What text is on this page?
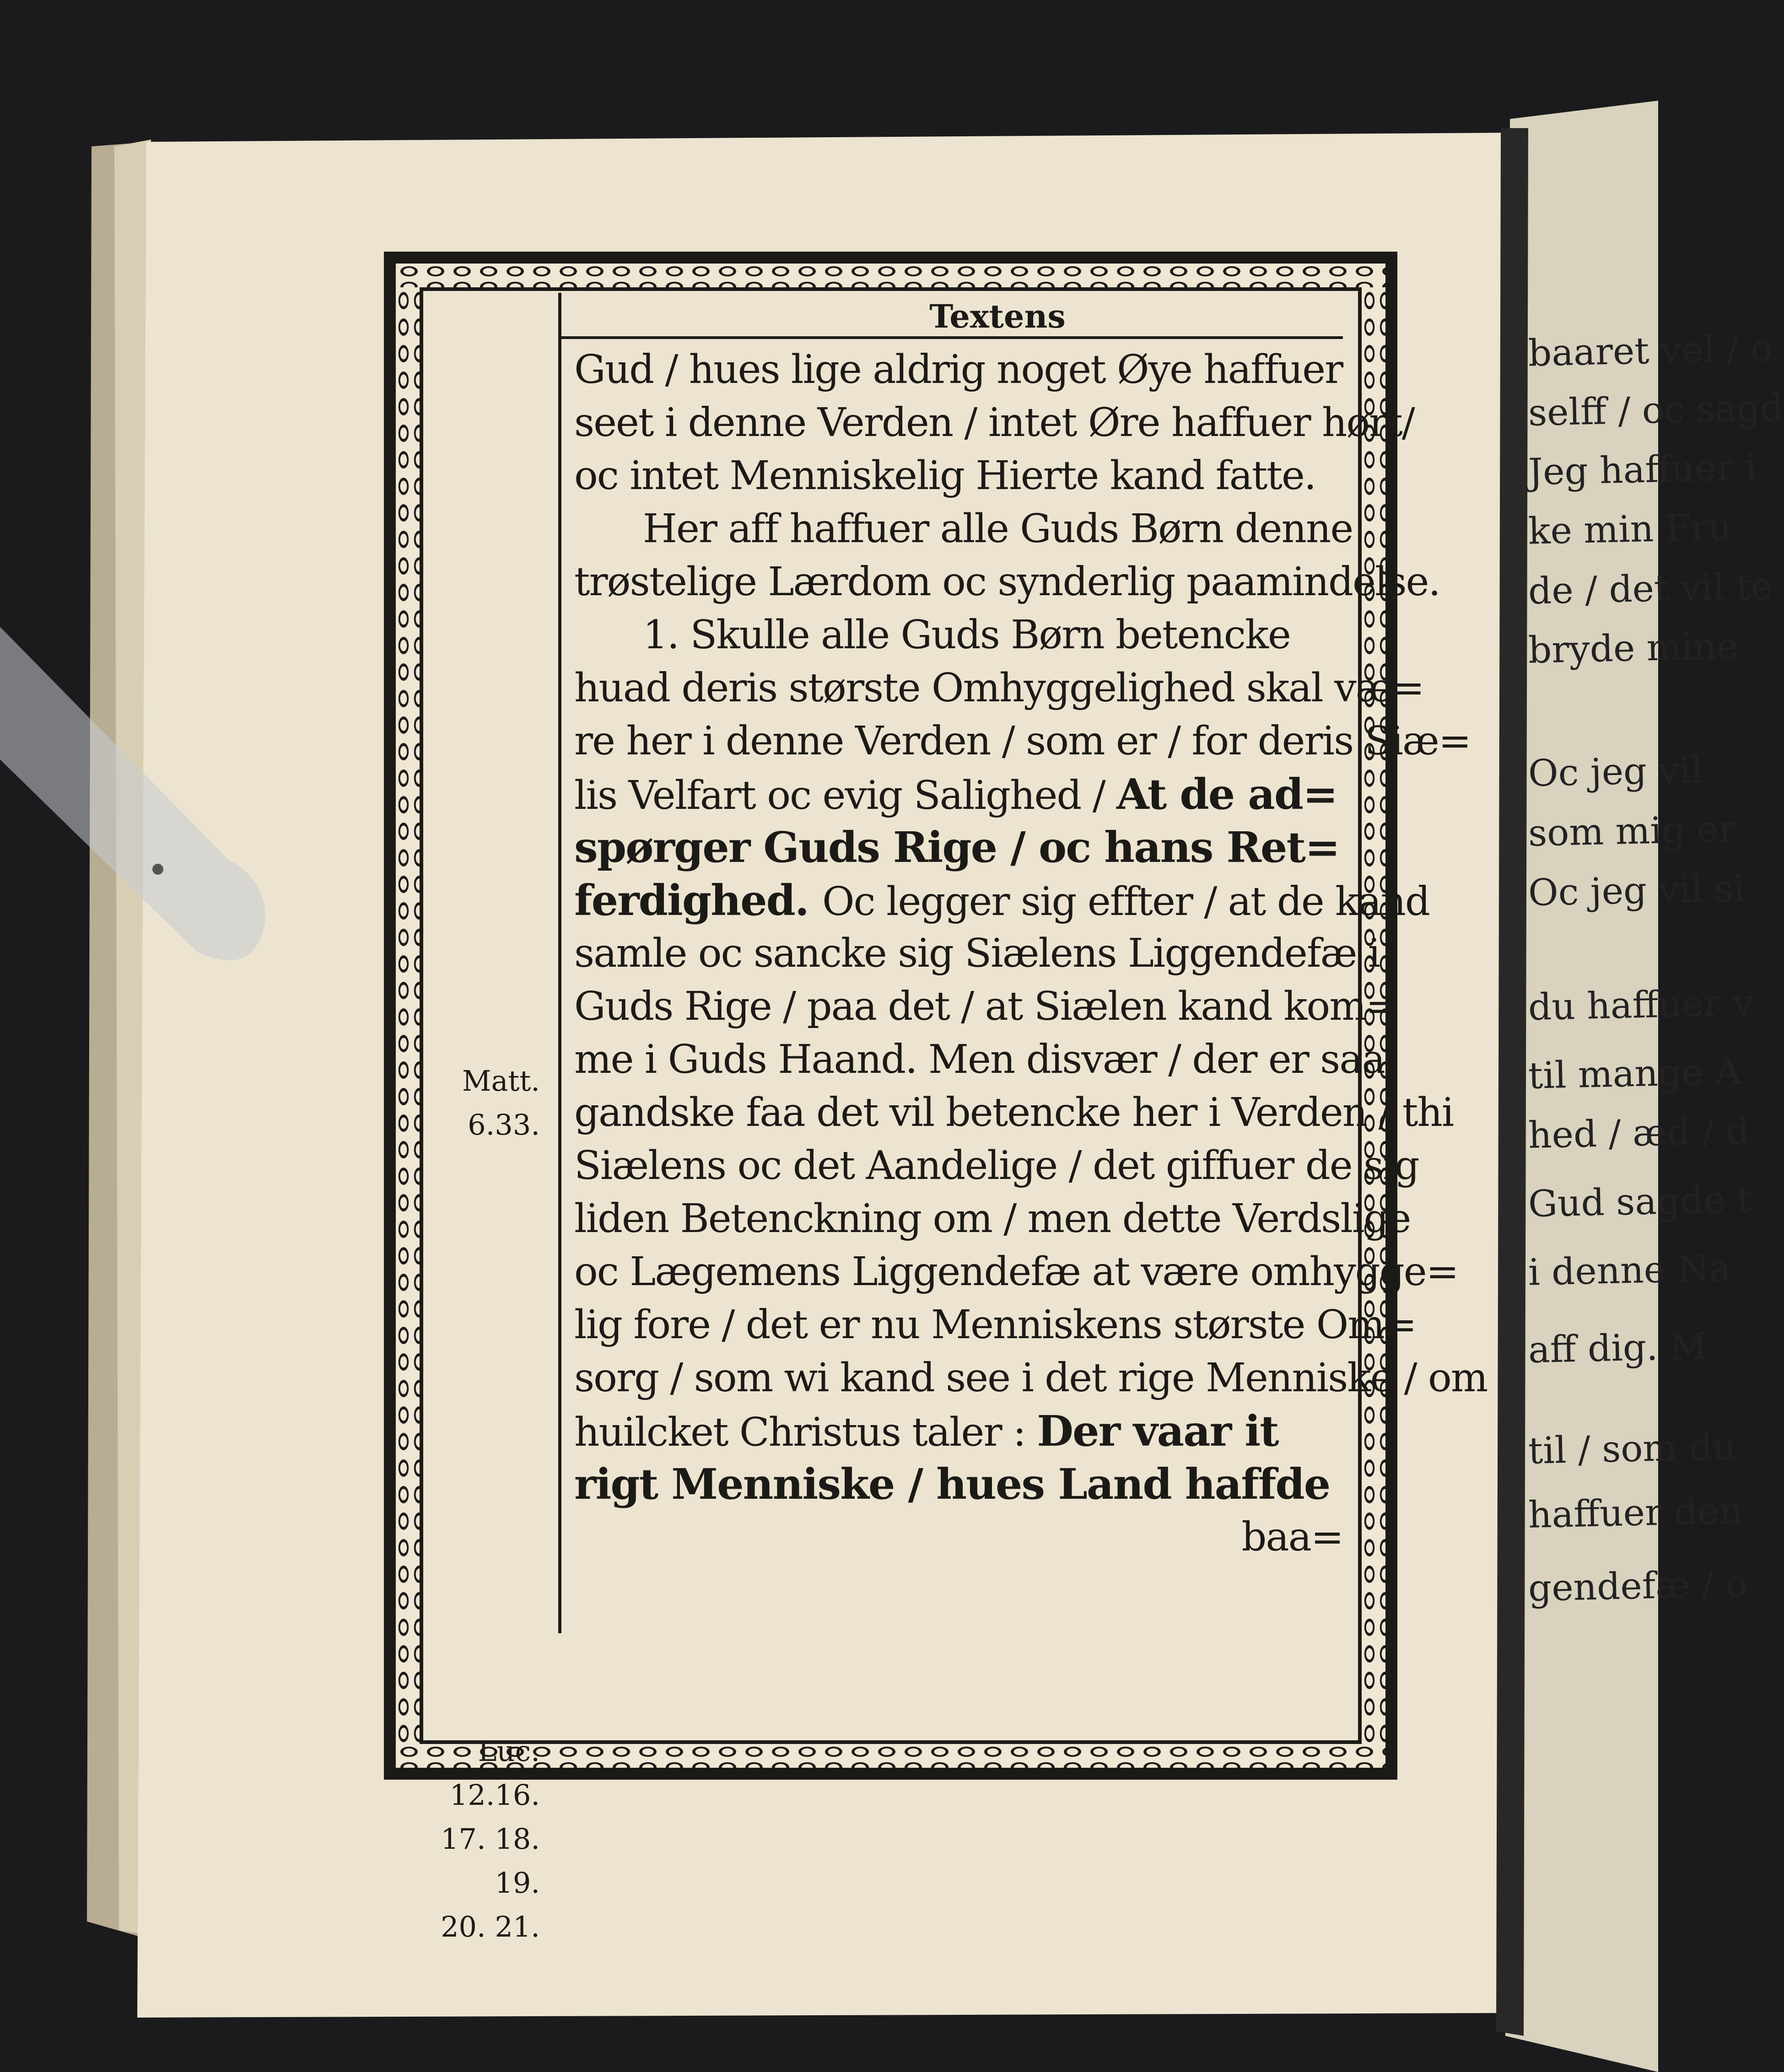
Textens
Gud / hues lige aldrig noget Øye haffuer
seet i denne Verden / intet Øre haffuer hørt/
oc intet Menniskelig Hierte kand fatte.
Her aff haffuer alle Guds Børn denne
trøstelige Lærdom oc synderlig paamindelse.
1. Skulle alle Guds Børn betencke
huad deris største Omhyggelighed skal væ=
re her i denne Verden / som er / for deris Siæ=
lis Velfart oc evig Salighed / At de ad=
spørger Guds Rige / oc hans Ret=
ferdighed. Oc legger sig effter / at de kand
samle oc sancke sig Siælens Liggendefæ i
Guds Rige / paa det / at Siælen kand kom=
me i Guds Haand. Men disvær / der er saa
gandske faa det vil betencke her i Verden / thi
Siælens oc det Aandelige / det giffuer de sig
liden Betenckning om / men dette Verdslige
oc Lægemens Liggendefæ at være omhygge=
lig fore / det er nu Menniskens største Om=
sorg / som wi kand see i det rige Menniske / om
huilcket Christus taler : Der vaar it
rigt Menniske / hues Land haffde
baa=
Matt. 6.33.
Luc. 12.16.
17. 18. 19.
20. 21.
baaret vel / o
selff / oc sagd
Jeg haffuer i
ke min Fru
de / det vil te
bryde mine
Oc jeg vil
som mig er
Oc jeg vil si
du haffuer v
til mange A
hed / æd / d
Gud sagde t
i denne Na
aff dig. M
til / som du
haffuer den
gendefæ / o
